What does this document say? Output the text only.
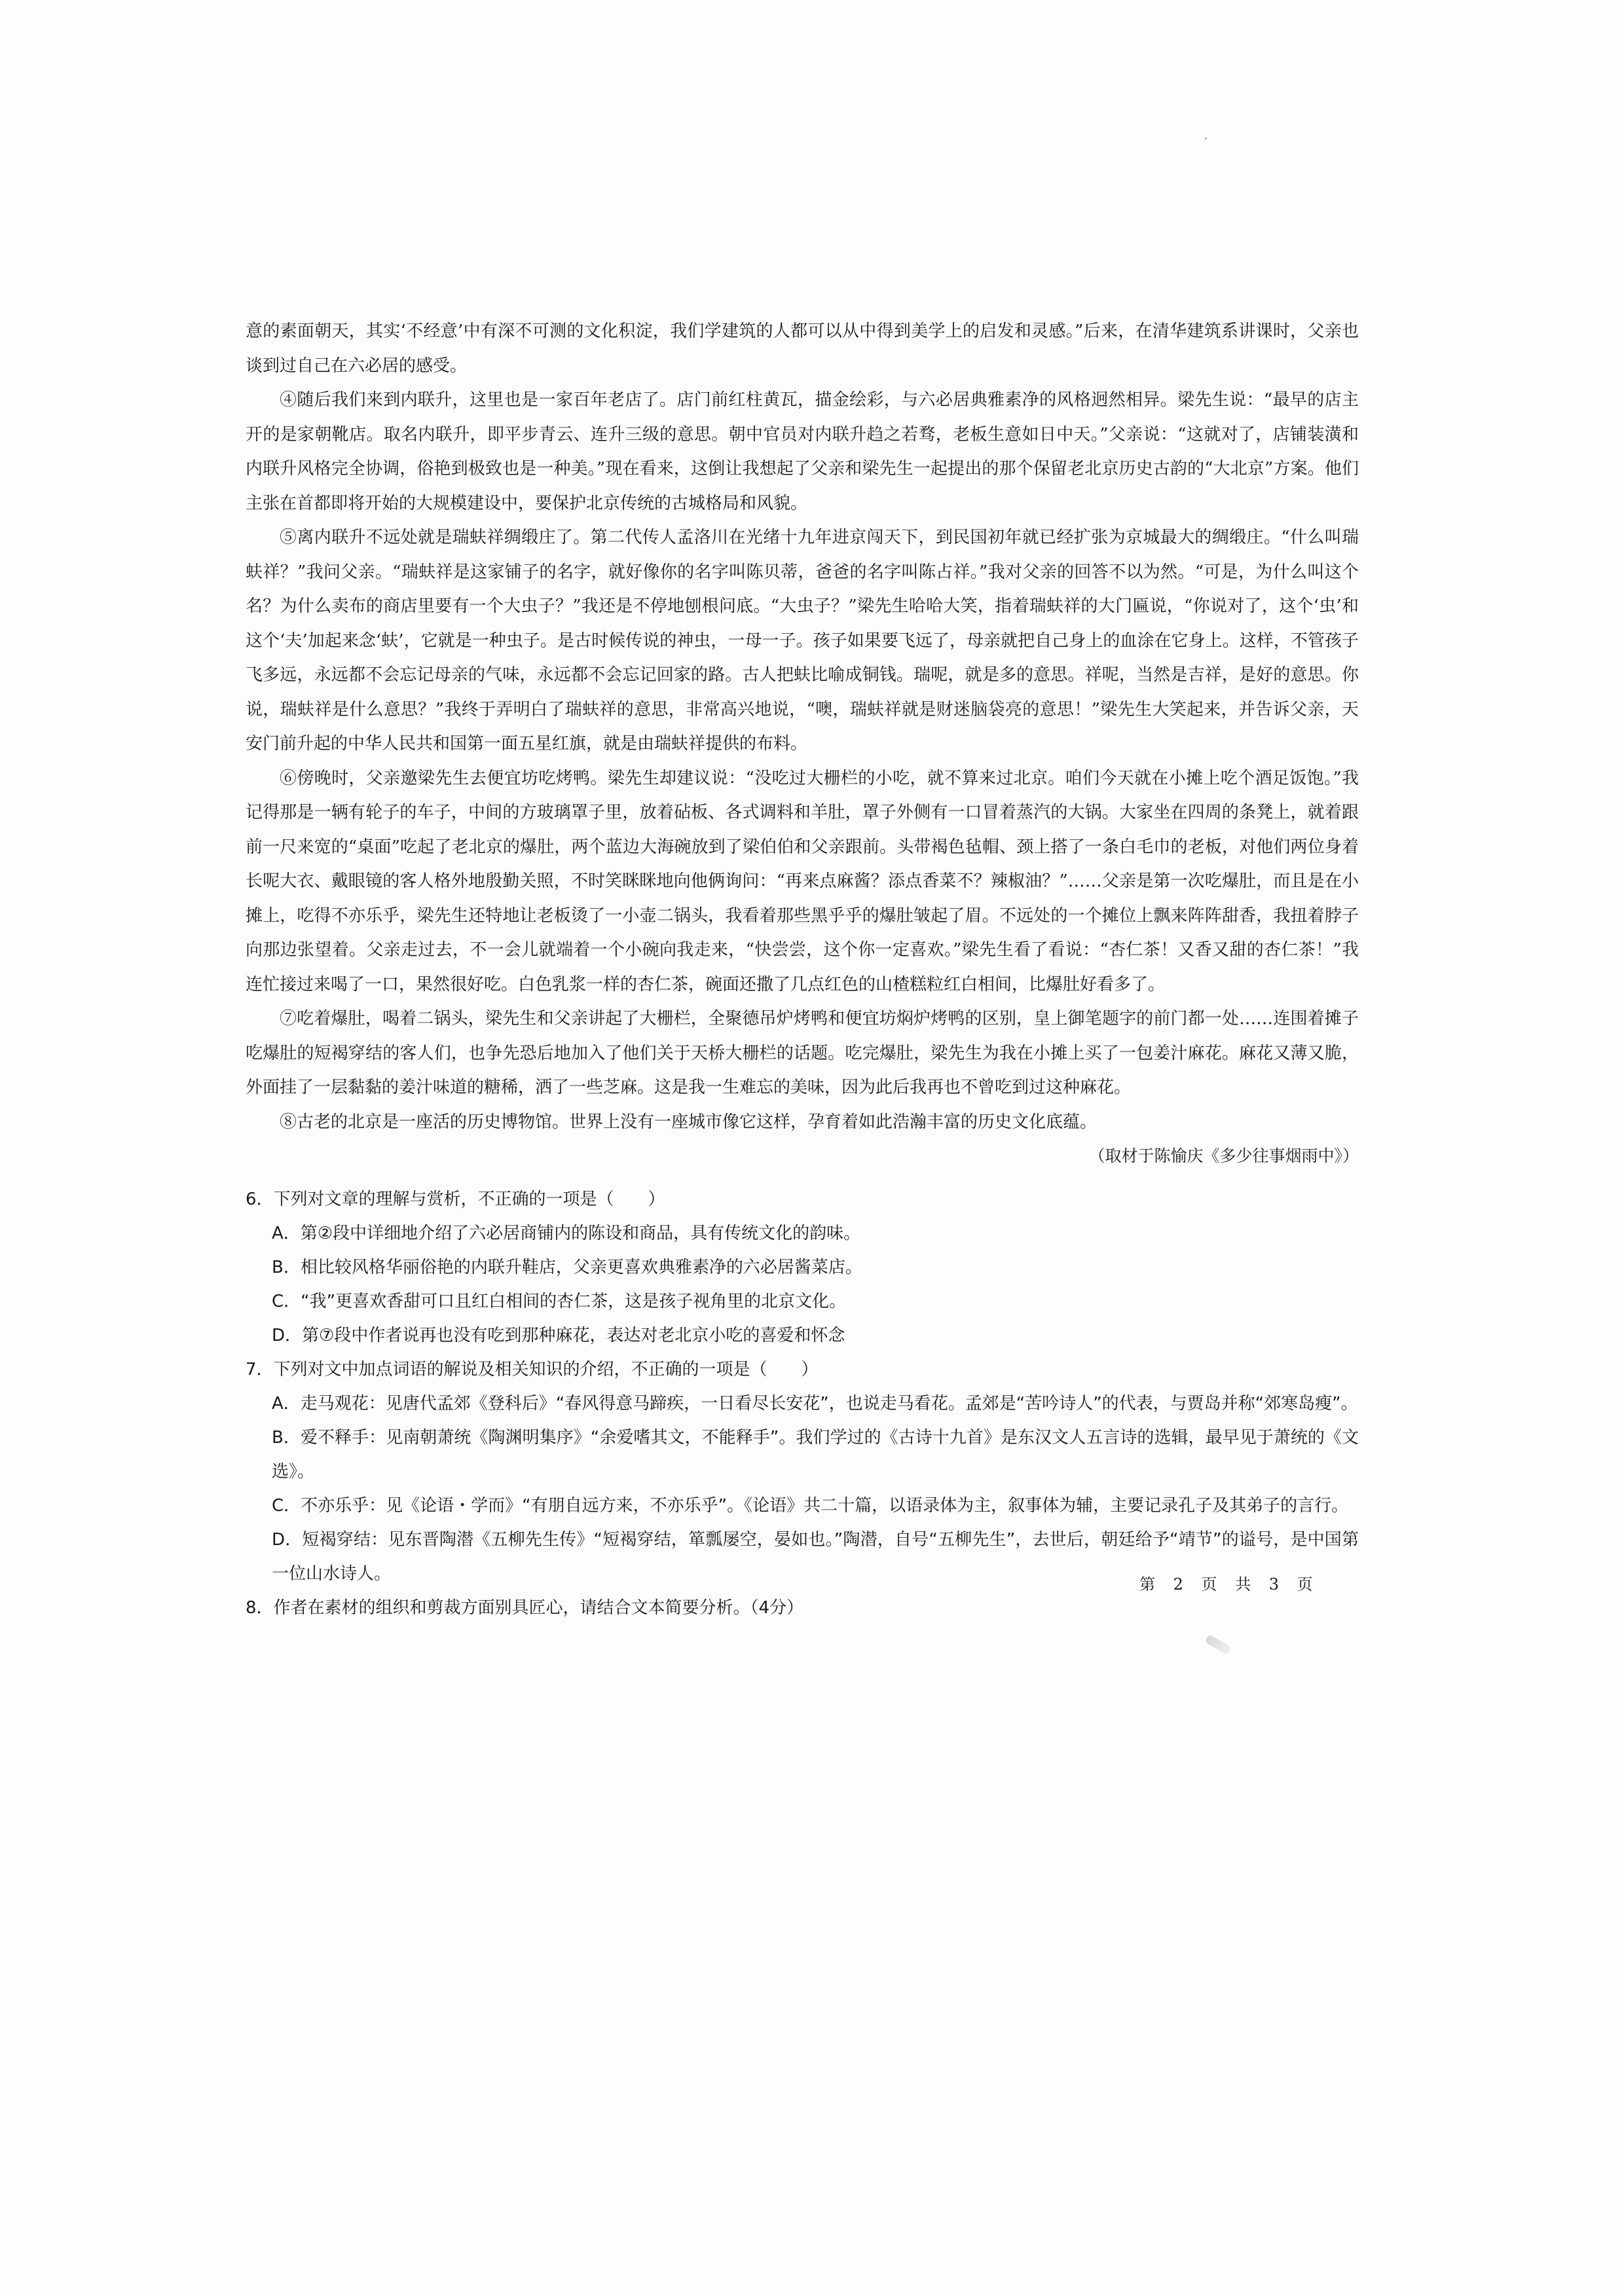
意的素面朝天，其实‘不经意’中有深不可测的文化积淀，我们学建筑的人都可以从中得到美学上的启发和灵感。”后来，在清华建筑系讲课时，父亲也谈到过自己在六必居的感受。

④随后我们来到内联升，这里也是一家百年老店了。店门前红柱黄瓦，描金绘彩，与六必居典雅素净的风格迥然相异。梁先生说：“最早的店主开的是家朝靴店。取名内联升，即平步青云、连升三级的意思。朝中官员对内联升趋之若骛，老板生意如日中天。”父亲说：“这就对了，店铺装潢和内联升风格完全协调，俗艳到极致也是一种美。”现在看来，这倒让我想起了父亲和梁先生一起提出的那个保留老北京历史古韵的“大北京”方案。他们主张在首都即将开始的大规模建设中，要保护北京传统的古城格局和风貌。

⑤离内联升不远处就是瑞蚨祥绸缎庄了。第二代传人孟洛川在光绪十九年进京闯天下，到民国初年就已经扩张为京城最大的绸缎庄。“什么叫瑞蚨祥？”我问父亲。“瑞蚨祥是这家铺子的名字，就好像你的名字叫陈贝蒂，爸爸的名字叫陈占祥。”我对父亲的回答不以为然。“可是，为什么叫这个名？为什么卖布的商店里要有一个大虫子？”我还是不停地刨根问底。“大虫子？”梁先生哈哈大笑，指着瑞蚨祥的大门匾说，“你说对了，这个‘虫’和这个‘夫’加起来念‘蚨’，它就是一种虫子。是古时候传说的神虫，一母一子。孩子如果要飞远了，母亲就把自己身上的血涂在它身上。这样，不管孩子飞多远，永远都不会忘记母亲的气味，永远都不会忘记回家的路。古人把蚨比喻成铜钱。瑞呢，就是多的意思。祥呢，当然是吉祥，是好的意思。你说，瑞蚨祥是什么意思？”我终于弄明白了瑞蚨祥的意思，非常高兴地说，“噢，瑞蚨祥就是财迷脑袋亮的意思！”梁先生大笑起来，并告诉父亲，天安门前升起的中华人民共和国第一面五星红旗，就是由瑞蚨祥提供的布料。

⑥傍晚时，父亲邀梁先生去便宜坊吃烤鸭。梁先生却建议说：“没吃过大栅栏的小吃，就不算来过北京。咱们今天就在小摊上吃个酒足饭饱。”我记得那是一辆有轮子的车子，中间的方玻璃罩子里，放着砧板、各式调料和羊肚，罩子外侧有一口冒着蒸汽的大锅。大家坐在四周的条凳上，就着跟前一尺来宽的“桌面”吃起了老北京的爆肚，两个蓝边大海碗放到了梁伯伯和父亲跟前。头带褐色毡帽、颈上搭了一条白毛巾的老板，对他们两位身着长呢大衣、戴眼镜的客人格外地殷勤关照，不时笑眯眯地向他俩询问：“再来点麻酱？添点香菜不？辣椒油？”……父亲是第一次吃爆肚，而且是在小摊上，吃得不亦乐乎，梁先生还特地让老板烫了一小壶二锅头，我看着那些黑乎乎的爆肚皱起了眉。不远处的一个摊位上飘来阵阵甜香，我扭着脖子向那边张望着。父亲走过去，不一会儿就端着一个小碗向我走来，“快尝尝，这个你一定喜欢。”梁先生看了看说：“杏仁茶！又香又甜的杏仁茶！”我连忙接过来喝了一口，果然很好吃。白色乳浆一样的杏仁茶，碗面还撒了几点红色的山楂糕粒红白相间，比爆肚好看多了。

⑦吃着爆肚，喝着二锅头，梁先生和父亲讲起了大栅栏，全聚德吊炉烤鸭和便宜坊焖炉烤鸭的区别，皇上御笔题字的前门都一处……连围着摊子吃爆肚的短褐穿结的客人们，也争先恐后地加入了他们关于天桥大栅栏的话题。吃完爆肚，梁先生为我在小摊上买了一包姜汁麻花。麻花又薄又脆，外面挂了一层黏黏的姜汁味道的糖稀，洒了一些芝麻。这是我一生难忘的美味，因为此后我再也不曾吃到过这种麻花。

⑧古老的北京是一座活的历史博物馆。世界上没有一座城市像它这样，孕育着如此浩瀚丰富的历史文化底蕴。

（取材于陈愉庆《多少往事烟雨中》）

6．下列对文章的理解与赏析，不正确的一项是（　　）

A．第②段中详细地介绍了六必居商铺内的陈设和商品，具有传统文化的韵味。

B．相比较风格华丽俗艳的内联升鞋店，父亲更喜欢典雅素净的六必居酱菜店。

C．“我”更喜欢香甜可口且红白相间的杏仁茶，这是孩子视角里的北京文化。

D．第⑦段中作者说再也没有吃到那种麻花，表达对老北京小吃的喜爱和怀念

7．下列对文中加点词语的解说及相关知识的介绍，不正确的一项是（　　）

A．走马观花：见唐代孟郊《登科后》“春风得意马蹄疾，一日看尽长安花”，也说走马看花。孟郊是“苦吟诗人”的代表，与贾岛并称“郊寒岛瘦”。

B．爱不释手：见南朝萧统《陶渊明集序》“余爱嗜其文，不能释手”。我们学过的《古诗十九首》是东汉文人五言诗的选辑，最早见于萧统的《文选》。

C．不亦乐乎：见《论语・学而》“有朋自远方来，不亦乐乎”。《论语》共二十篇，以语录体为主，叙事体为辅，主要记录孔子及其弟子的言行。

D．短褐穿结：见东晋陶潜《五柳先生传》“短褐穿结，箪瓢屡空，晏如也。”陶潜，自号“五柳先生”，去世后，朝廷给予“靖节”的谥号，是中国第一位山水诗人。

8．作者在素材的组织和剪裁方面别具匠心，请结合文本简要分析。（4分）

第 2 页 共 3 页
